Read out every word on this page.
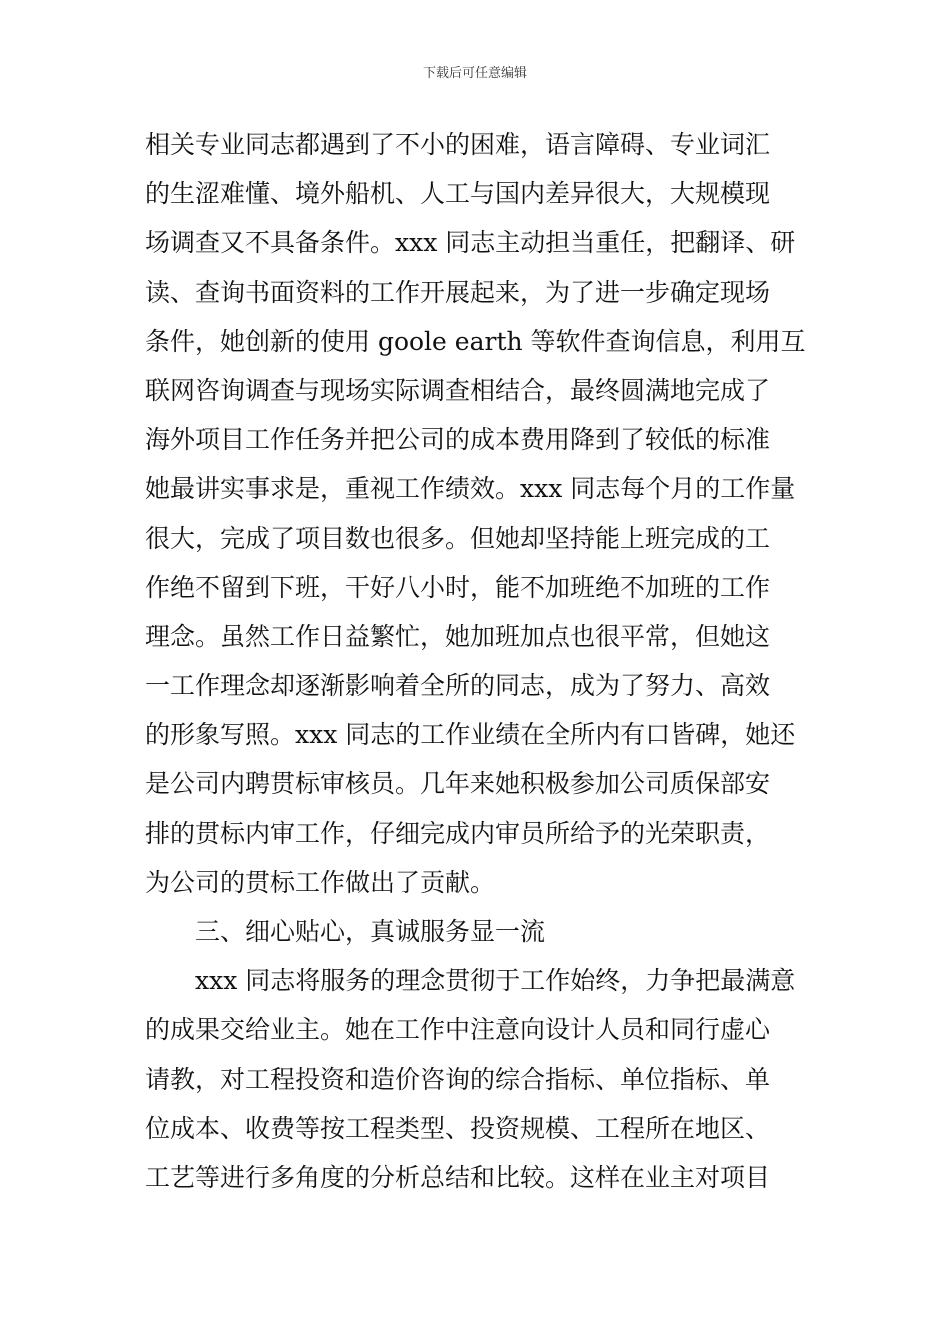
下载后可任意编辑
相关专业同志都遇到了不小的困难，语言障碍、专业词汇
的生涩难懂、境外船机、人工与国内差异很大，大规模现
场调查又不具备条件。xxx 同志主动担当重任，把翻译、研
读、查询书面资料的工作开展起来，为了进一步确定现场
条件，她创新的使用 goole earth 等软件查询信息，利用互
联网咨询调查与现场实际调查相结合，最终圆满地完成了
海外项目工作任务并把公司的成本费用降到了较低的标准
她最讲实事求是，重视工作绩效。xxx 同志每个月的工作量
很大，完成了项目数也很多。但她却坚持能上班完成的工
作绝不留到下班，干好八小时，能不加班绝不加班的工作
理念。虽然工作日益繁忙，她加班加点也很平常，但她这
一工作理念却逐渐影响着全所的同志，成为了努力、高效
的形象写照。xxx 同志的工作业绩在全所内有口皆碑，她还
是公司内聘贯标审核员。几年来她积极参加公司质保部安
排的贯标内审工作，仔细完成内审员所给予的光荣职责，
为公司的贯标工作做出了贡献。
三、细心贴心，真诚服务显一流
xxx 同志将服务的理念贯彻于工作始终，力争把最满意
的成果交给业主。她在工作中注意向设计人员和同行虚心
请教，对工程投资和造价咨询的综合指标、单位指标、单
位成本、收费等按工程类型、投资规模、工程所在地区、
工艺等进行多角度的分析总结和比较。这样在业主对项目
